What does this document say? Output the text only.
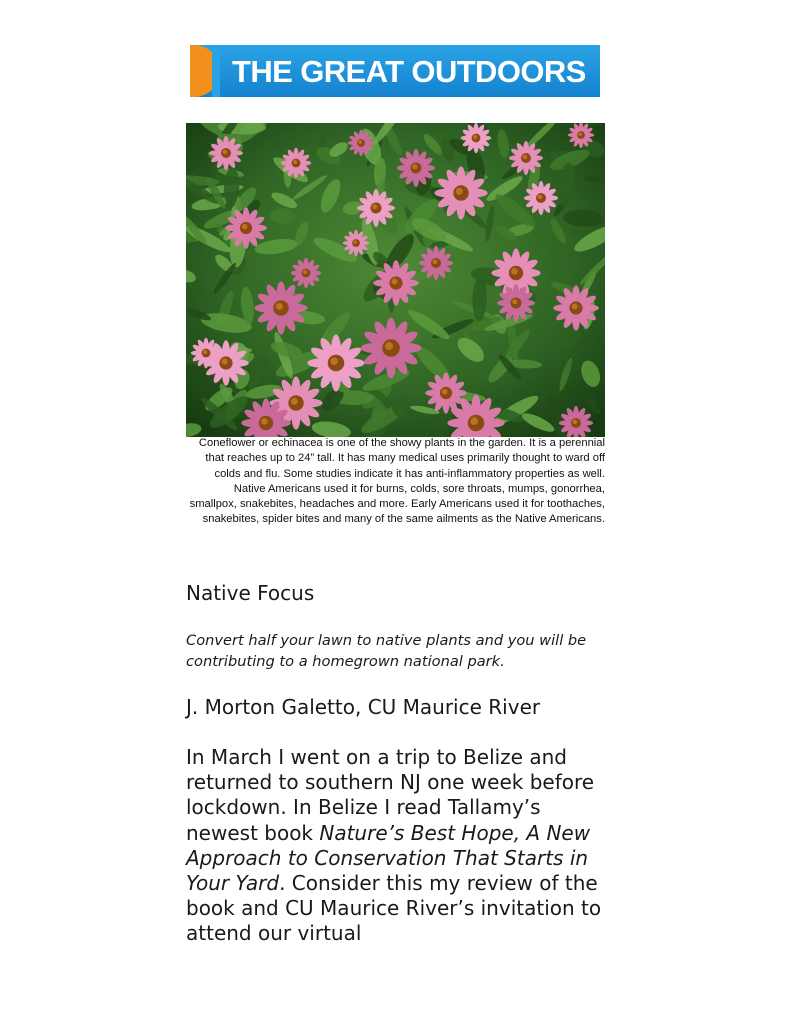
THE GREAT OUTDOORS
Coneflower or echinacea is one of the showy plants in the garden. It is a perennial that reaches up to 24” tall. It has many medical uses primarily thought to ward off colds and flu. Some studies indicate it has anti-inflammatory properties as well. Native Americans used it for burns, colds, sore throats, mumps, gonorrhea, smallpox, snakebites, headaches and more. Early Americans used it for toothaches, snakebites, spider bites and many of the same ailments as the Native Americans.
Native Focus
Convert half your lawn to native plants and you will be contributing to a homegrown national park.
J. Morton Galetto, CU Maurice River
In March I went on a trip to Belize and returned to southern NJ one week before lockdown. In Belize I read Tallamy’s newest book Nature’s Best Hope, A New Approach to Conservation That Starts in Your Yard. Consider this my review of the book and CU Maurice River’s invitation to attend our virtual
